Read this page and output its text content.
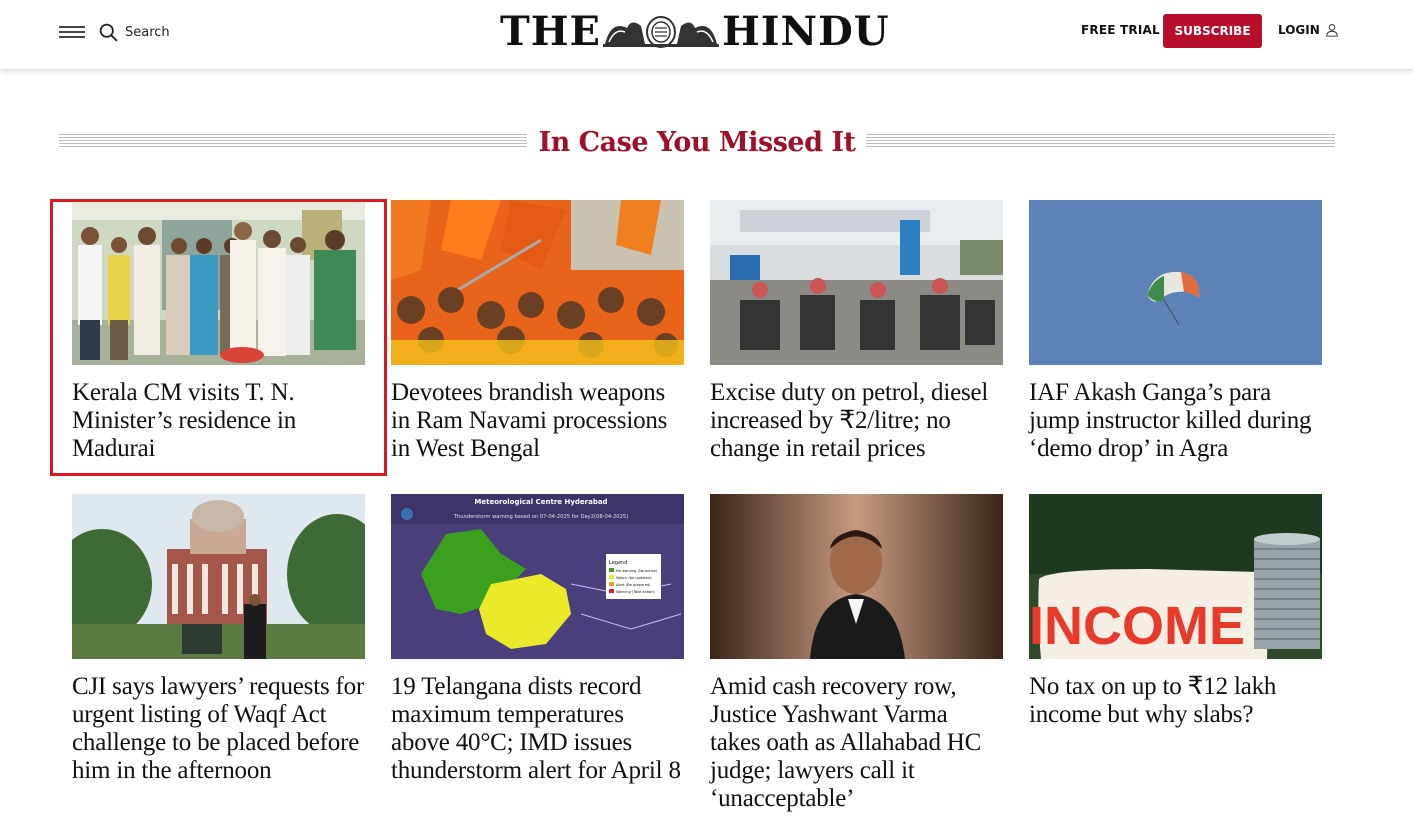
Search	THE	HINDU	FREE TRIAL	SUBSCRIBE	LOGIN
In Case You Missed It

Kerala CM visits T. N. Minister’s residence in Madurai

Devotees brandish weapons in Ram Navami processions in West Bengal

Excise duty on petrol, diesel increased by ₹2/litre; no change in retail prices

IAF Akash Ganga’s para jump instructor killed during ‘demo drop’ in Agra

CJI says lawyers’ requests for urgent listing of Waqf Act challenge to be placed before him in the afternoon

Meteorological Centre Hyderabad
Thunderstorm warning based on 07-04-2025 for Day2(08-04-2025)
Legend
No warning (No action)
Watch (be updated)
Alert (Be prepared)
Warning (Take action)

19 Telangana dists record maximum temperatures above 40°C; IMD issues thunderstorm alert for April 8

Amid cash recovery row, Justice Yashwant Varma takes oath as Allahabad HC judge; lawyers call it ‘unacceptable’

INCOME

No tax on up to ₹12 lakh income but why slabs?
